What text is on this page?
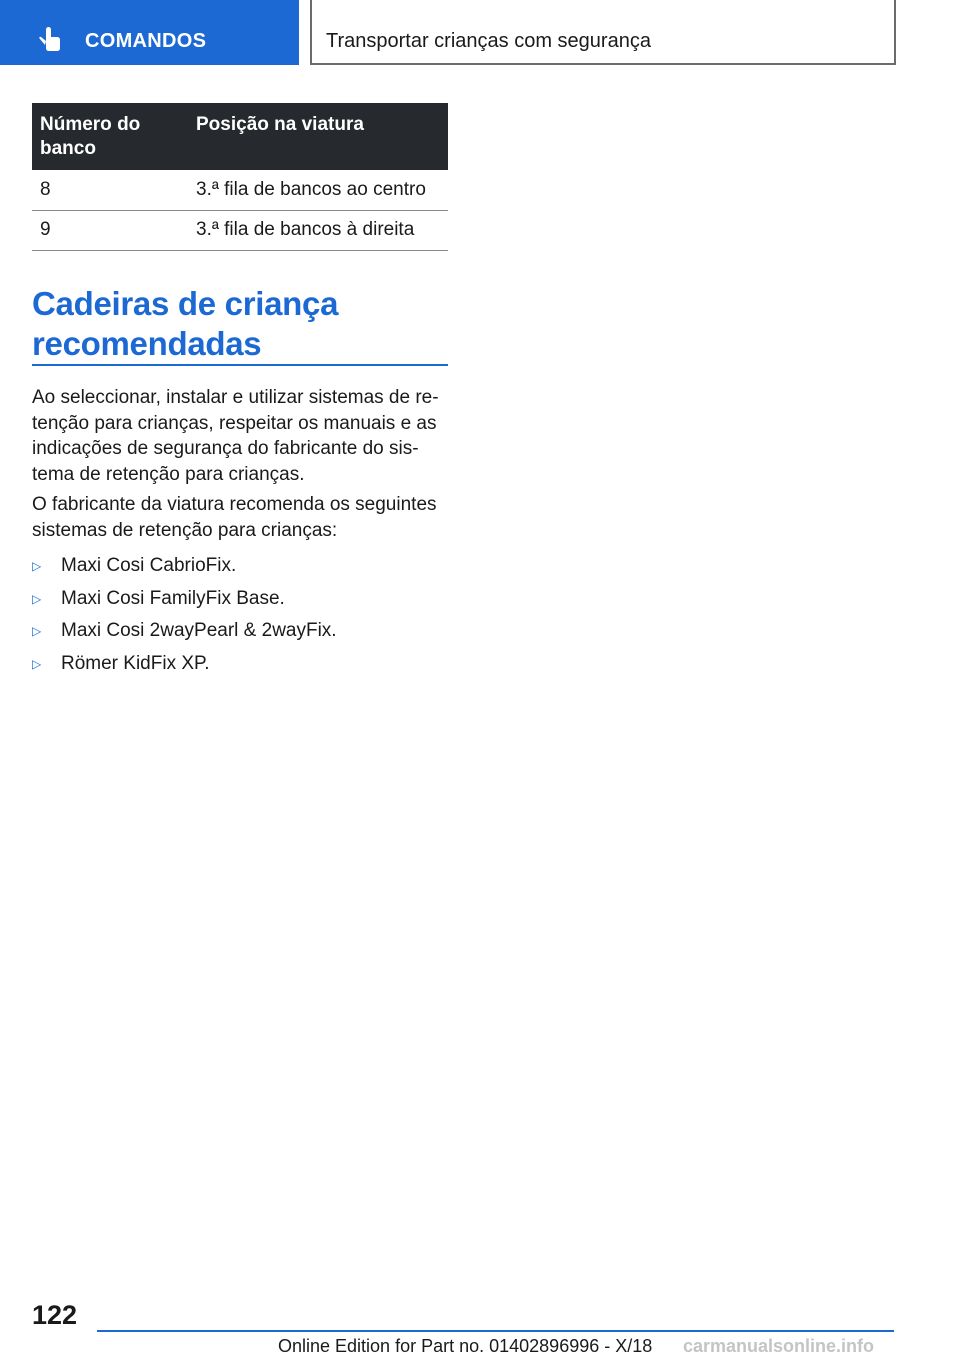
COMANDOS	Transportar crianças com segurança
Número do banco	Posição na viatura
8	3.ª fila de bancos ao centro
9	3.ª fila de bancos à direita
Cadeiras de criança recomendadas

Ao seleccionar, instalar e utilizar sistemas de retenção para crianças, respeitar os manuais e as indicações de segurança do fabricante do sistema de retenção para crianças.

O fabricante da viatura recomenda os seguintes sistemas de retenção para crianças:

▷	Maxi Cosi CabrioFix.
▷	Maxi Cosi FamilyFix Base.
▷	Maxi Cosi 2wayPearl & 2wayFix.
▷	Römer KidFix XP.
122
Online Edition for Part no. 01402896996 - X/18 carmanualsonline.info
